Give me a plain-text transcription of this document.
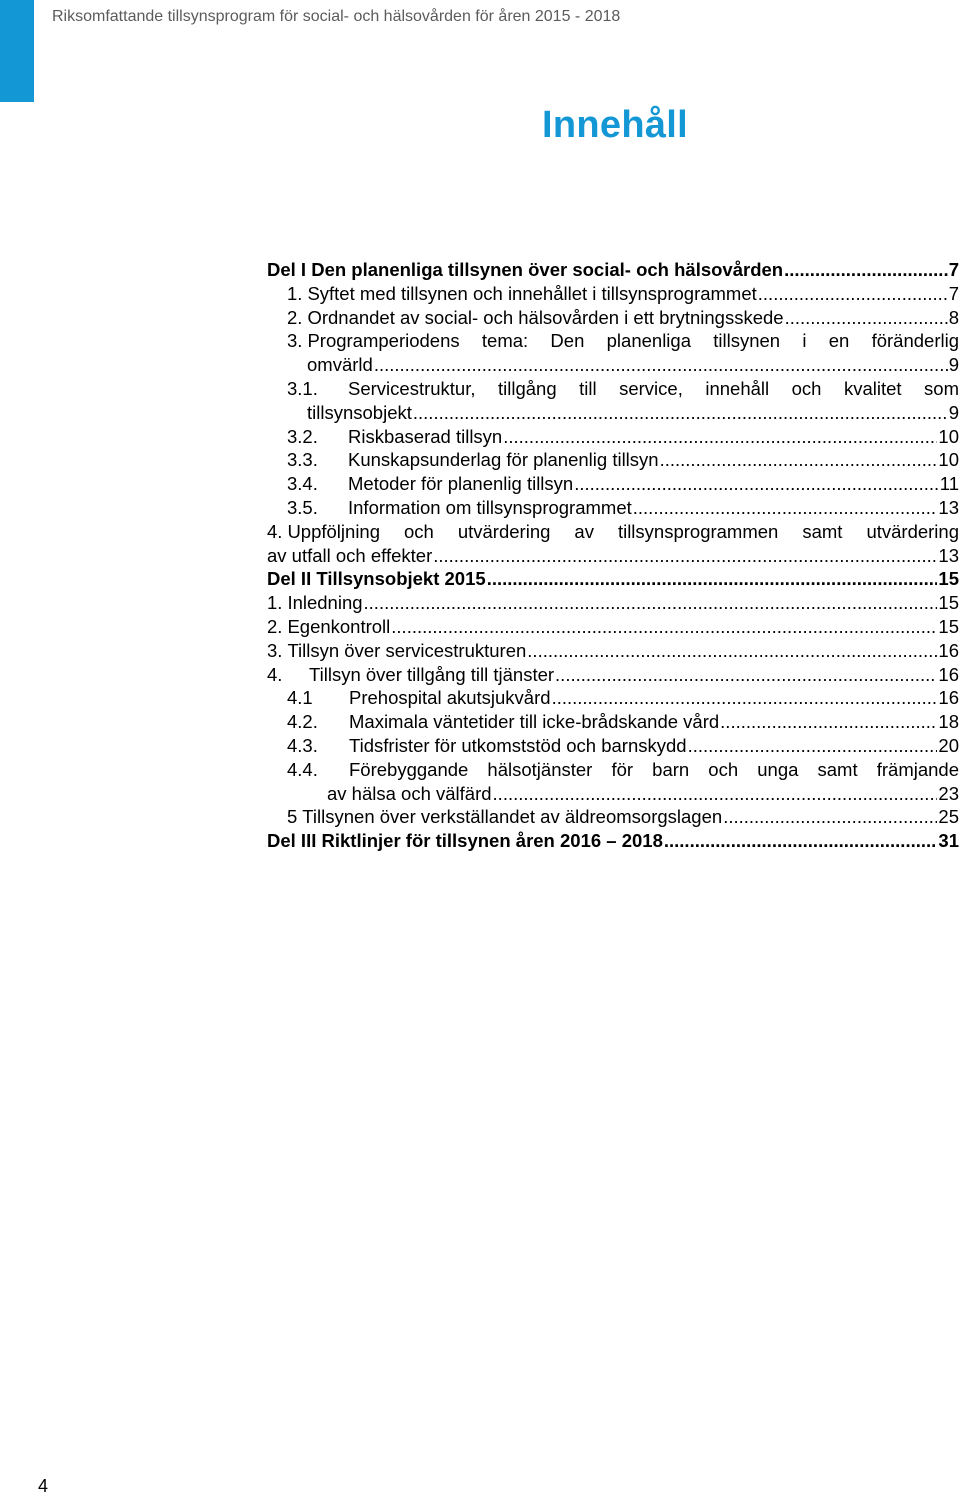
Riksomfattande tillsynsprogram för social- och hälsovården för åren 2015 - 2018
Innehåll
Del I Den planenliga tillsynen över social- och hälsovården .....	7
1. Syftet med tillsynen och innehållet i tillsynsprogrammet .....	7
2. Ordnandet av social- och hälsovården i ett brytningsskede .....	8
3. Programperiodens tema: Den planenliga tillsynen i en föränderlig
omvärld .....	9
3.1. Servicestruktur, tillgång till service, innehåll och kvalitet som
tillsynsobjekt .....	9
3.2.	Riskbaserad tillsyn .....	10
3.3.	Kunskapsunderlag för planenlig tillsyn .....	10
3.4.	Metoder för planenlig tillsyn .....	11
3.5.	Information om tillsynsprogrammet .....	13
4. Uppföljning och utvärdering av tillsynsprogrammen samt utvärdering
av utfall och effekter .....	13
Del II Tillsynsobjekt 2015 .....	15
1. Inledning .....	15
2. Egenkontroll .....	15
3. Tillsyn över servicestrukturen .....	16
4.	Tillsyn över tillgång till tjänster .....	16
4.1	Prehospital akutsjukvård .....	16
4.2.	Maximala väntetider till icke-brådskande vård .....	18
4.3.	Tidsfrister för utkomststöd och barnskydd .....	20
4.4. Förebyggande hälsotjänster för barn och unga samt främjande
av hälsa och välfärd .....	23
5 Tillsynen över verkställandet av äldreomsorgslagen .....	25
Del III Riktlinjer för tillsynen åren 2016 – 2018 .....	31
4
